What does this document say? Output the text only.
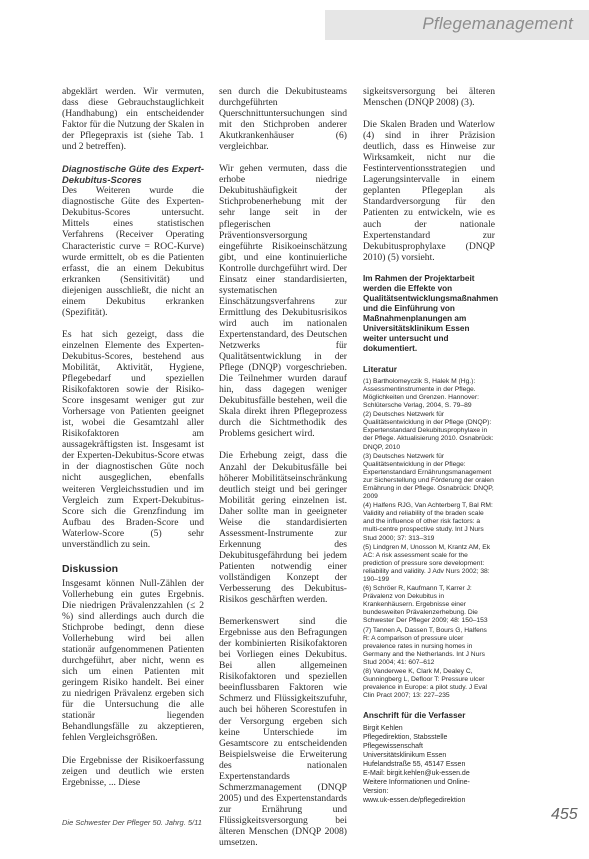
Pflegemanagement

abgeklärt werden. Wir vermuten, dass diese Gebrauchstauglichkeit (Handhabung) ein entscheidender Faktor für die Nutzung der Skalen in der Pflegepraxis ist (siehe Tab. 1 und 2 betreffen).

Diagnostische Güte des Expert-Dekubitus-Scores

Des Weiteren wurde die diagnostische Güte des Experten-Dekubitus-Scores untersucht. Mittels eines statistischen Verfahrens (Receiver Operating Characteristic curve = ROC-Kurve) wurde ermittelt, ob es die Patienten erfasst, die an einem Dekubitus erkranken (Sensitivität) und diejenigen ausschließt, die nicht an einem Dekubitus erkranken (Spezifität).

Es hat sich gezeigt, dass die einzelnen Elemente des Experten-Dekubitus-Scores, bestehend aus Mobilität, Aktivität, Hygiene, Pflegebedarf und speziellen Risikofaktoren sowie der Risiko-Score insgesamt weniger gut zur Vorhersage von Patienten geeignet ist, wobei die Gesamtzahl aller Risikofaktoren am aussagekräftigsten ist. Insgesamt ist der Experten-Dekubitus-Score etwas in der diagnostischen Güte noch nicht ausgeglichen, ebenfalls weiteren Vergleichsstudien und im Vergleich zum Expert-Dekubitus-Score sich die Grenzfindung im Aufbau des Braden-Score und Waterlow-Score (5) sehr unverständlich zu sein.

Diskussion

Insgesamt können Null-Zählen der Vollerhebung ein gutes Ergebnis. Die niedrigen Prävalenzzahlen (≤ 2 %) sind allerdings auch durch die Stichprobe bedingt, denn diese Vollerhebung wird bei allen stationär aufgenommenen Patienten durchgeführt, aber nicht, wenn es sich um einen Patienten mit geringem Risiko handelt. Bei einer zu niedrigen Prävalenz ergeben sich für die Untersuchung die alle stationär liegenden Behandlungsfälle zu akzeptieren, fehlen Vergleichsgrößen.

Die Ergebnisse der Risikoerfassung zeigen und deutlich wie ersten Ergebnisse, ... Diese

sen durch die Dekubitusteams durchgeführten Querschnittuntersuchungen sind mit den Stichproben anderer Akutkrankenhäuser (6) vergleichbar.

Wir gehen vermuten, dass die erhobe niedrige Dekubitushäufigkeit der Stichprobenerhebung mit der sehr lange seit in der pflegerischen Präventionsversorgung eingeführte Risikoeinschätzung gibt, und eine kontinuierliche Kontrolle durchgeführt wird. Der Einsatz einer standardisierten, systematischen Einschätzungsverfahrens zur Ermittlung des Dekubitusrisikos wird auch im nationalen Expertenstandard, des Deutschen Netzwerks für Qualitätsentwicklung in der Pflege (DNQP) vorgeschrieben. Die Teilnehmer wurden darauf hin, dass dagegen weniger Dekubitusfälle bestehen, weil die Skala direkt ihren Pflegeprozess durch die Sichtmethodik des Problems gesichert wird.

Die Erhebung zeigt, dass die Anzahl der Dekubitusfälle bei höherer Mobilitätseinschränkung deutlich steigt und bei geringer Mobilität gering einzelnen ist. Daher sollte man in geeigneter Weise die standardisierten Assessment-Instrumente zur Erkennung des Dekubitusgefährdung bei jedem Patienten notwendig einer vollständigen Konzept der Verbesserung des Dekubitus-Risikos geschärften werden.

Bemerkenswert sind die Ergebnisse aus den Befragungen der kombinierten Risikofaktoren bei Vorliegen eines Dekubitus. Bei allen allgemeinen Risikofaktoren und speziellen beeinflussbaren Faktoren wie Schmerz und Flüssigkeitszufuhr, auch bei höheren Scorestufen in der Versorgung ergeben sich keine Unterschiede im Gesamtscore zu entscheidenden Beispielsweise die Erweiterung des nationalen Expertenstandards Schmerzmanagement (DNQP 2005) und des Expertenstandards zur Ernährung und Flüssigkeitsversorgung bei älteren Menschen (DNQP 2008) umsetzen.

sigkeitsversorgung bei älteren Menschen (DNQP 2008) (3).

Die Skalen Braden und Waterlow (4) sind in ihrer Präzision deutlich, dass es Hinweise zur Wirksamkeit, nicht nur die Festinterventionsstrategien und Lagerungsintervalle in einem geplanten Pflegeplan als Standardversorgung für den Patienten zu entwickeln, wie es auch der nationale Expertenstandard zur Dekubitusprophylaxe (DNQP 2010) (5) vorsieht.

Im Rahmen der Projektarbeit werden die Effekte von Qualitätsentwicklungsmaßnahmen und die Einführung von Maßnahmenplanungen am Universitätsklinikum Essen weiter untersucht und dokumentiert.
Literatur
(1) Bartholomeyczik S, Halek M (Hg.): Assessmentinstrumente in der Pflege. Möglichkeiten und Grenzen. Hannover: Schlütersche Verlag, 2004, S. 79–89
(2) Deutsches Netzwerk für Qualitätsentwicklung in der Pflege (DNQP): Expertenstandard Dekubitusprophylaxe in der Pflege. Aktualisierung 2010. Osnabrück: DNQP, 2010
(3) Deutsches Netzwerk für Qualitätsentwicklung in der Pflege: Expertenstandard Ernährungsmanagement zur Sicherstellung und Förderung der oralen Ernährung in der Pflege. Osnabrück: DNQP, 2009
(4) Halfens RJG, Van Achterberg T, Bal RM: Validity and reliability of the braden scale and the influence of other risk factors: a multi-centre prospective study. Int J Nurs Stud 2000; 37: 313–319
(5) Lindgren M, Unosson M, Krantz AM, Ek AC: A risk assessment scale for the prediction of pressure sore development: reliability and validity. J Adv Nurs 2002; 38: 190–199
(6) Schröer R, Kaufmann T, Karrer J: Prävalenz von Dekubitus in Krankenhäusern. Ergebnisse einer bundesweiten Prävalenzerhebung. Die Schwester Der Pfleger 2009; 48: 150–153
(7) Tannen A, Dassen T, Bours G, Halfens R: A comparison of pressure ulcer prevalence rates in nursing homes in Germany and the Netherlands. Int J Nurs Stud 2004; 41: 607–612
(8) Vanderwee K, Clark M, Dealey C, Gunningberg L, Defloor T: Pressure ulcer prevalence in Europe: a pilot study. J Eval Clin Pract 2007; 13: 227–235
Anschrift für die Verfasser
Birgit Kehlen
Pflegedirektion, Stabsstelle Pflegewissenschaft
Universitätsklinikum Essen
Hufelandstraße 55, 45147 Essen
E-Mail: birgit.kehlen@uk-essen.de
Weitere Informationen und Online-Version:
www.uk-essen.de/pflegedirektion
Die Schwester Der Pfleger 50. Jahrg. 5/11	455
